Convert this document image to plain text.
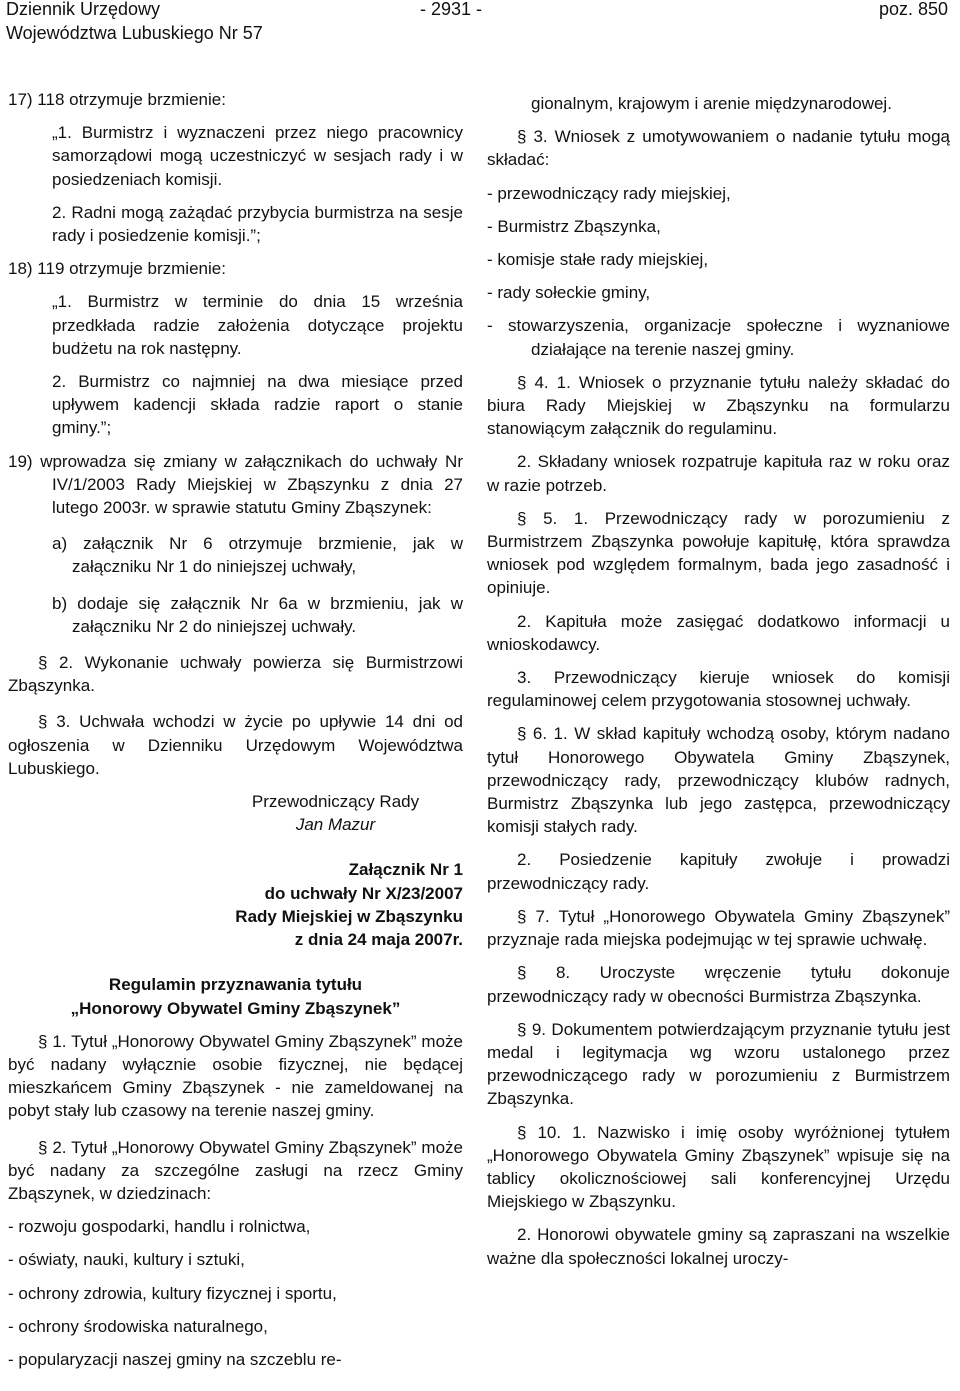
Dziennik Urzędowy
Województwa Lubuskiego Nr 57
- 2931 -	poz. 850

17) 118 otrzymuje brzmienie:

„1. Burmistrz i wyznaczeni przez niego pracownicy samorządowi mogą uczestniczyć w sesjach rady i w posiedzeniach komisji.

2. Radni mogą zażądać przybycia burmistrza na sesje rady i posiedzenie komisji.”;

18) 119 otrzymuje brzmienie:

„1. Burmistrz w terminie do dnia 15 września przedkłada radzie założenia dotyczące projektu budżetu na rok następny.

2. Burmistrz co najmniej na dwa miesiące przed upływem kadencji składa radzie raport o stanie gminy.”;

19) wprowadza się zmiany w załącznikach do uchwały Nr IV/1/2003 Rady Miejskiej w Zbąszynku z dnia 27 lutego 2003r. w sprawie statutu Gminy Zbąszynek:

a) załącznik Nr 6 otrzymuje brzmienie, jak w załączniku Nr 1 do niniejszej uchwały,

b) dodaje się załącznik Nr 6a w brzmieniu, jak w załączniku Nr 2 do niniejszej uchwały.

§ 2. Wykonanie uchwały powierza się Burmistrzowi Zbąszynka.

§ 3. Uchwała wchodzi w życie po upływie 14 dni od ogłoszenia w Dzienniku Urzędowym Województwa Lubuskiego.

Przewodniczący Rady

Jan Mazur

Załącznik Nr 1

do uchwały Nr X/23/2007

Rady Miejskiej w Zbąszynku

z dnia 24 maja 2007r.

Regulamin przyznawania tytułu

„Honorowy Obywatel Gminy Zbąszynek”

§ 1. Tytuł „Honorowy Obywatel Gminy Zbąszynek” może być nadany wyłącznie osobie fizycznej, nie będącej mieszkańcem Gminy Zbąszynek - nie zameldowanej na pobyt stały lub czasowy na terenie naszej gminy.

§ 2. Tytuł „Honorowy Obywatel Gminy Zbąszynek” może być nadany za szczególne zasługi na rzecz Gminy Zbąszynek, w dziedzinach:

- rozwoju gospodarki, handlu i rolnictwa,

- oświaty, nauki, kultury i sztuki,

- ochrony zdrowia, kultury fizycznej i sportu,

- ochrony środowiska naturalnego,

- popularyzacji naszej gminy na szczeblu re-

gionalnym, krajowym i arenie międzynarodowej.

§ 3. Wniosek z umotywowaniem o nadanie tytułu mogą składać:

- przewodniczący rady miejskiej,

- Burmistrz Zbąszynka,

- komisje stałe rady miejskiej,

- rady sołeckie gminy,

- stowarzyszenia, organizacje społeczne i wyznaniowe działające na terenie naszej gminy.

§ 4. 1. Wniosek o przyznanie tytułu należy składać do biura Rady Miejskiej w Zbąszynku na formularzu stanowiącym załącznik do regulaminu.

2. Składany wniosek rozpatruje kapituła raz w roku oraz w razie potrzeb.

§ 5. 1. Przewodniczący rady w porozumieniu z Burmistrzem Zbąszynka powołuje kapitułę, która sprawdza wniosek pod względem formalnym, bada jego zasadność i opiniuje.

2. Kapituła może zasięgać dodatkowo informacji u wnioskodawcy.

3. Przewodniczący kieruje wniosek do komisji regulaminowej celem przygotowania stosownej uchwały.

§ 6. 1. W skład kapituły wchodzą osoby, którym nadano tytuł Honorowego Obywatela Gminy Zbąszynek, przewodniczący rady, przewodniczący klubów radnych, Burmistrz Zbąszynka lub jego zastępca, przewodniczący komisji stałych rady.

2. Posiedzenie kapituły zwołuje i prowadzi przewodniczący rady.

§ 7. Tytuł „Honorowego Obywatela Gminy Zbąszynek” przyznaje rada miejska podejmując w tej sprawie uchwałę.

§ 8. Uroczyste wręczenie tytułu dokonuje przewodniczący rady w obecności Burmistrza Zbąszynka.

§ 9. Dokumentem potwierdzającym przyznanie tytułu jest medal i legitymacja wg wzoru ustalonego przez przewodniczącego rady w porozumieniu z Burmistrzem Zbąszynka.

§ 10. 1. Nazwisko i imię osoby wyróżnionej tytułem „Honorowego Obywatela Gminy Zbąszynek” wpisuje się na tablicy okolicznościowej sali konferencyjnej Urzędu Miejskiego w Zbąszynku.

2. Honorowi obywatele gminy są zapraszani na wszelkie ważne dla społeczności lokalnej uroczy-
